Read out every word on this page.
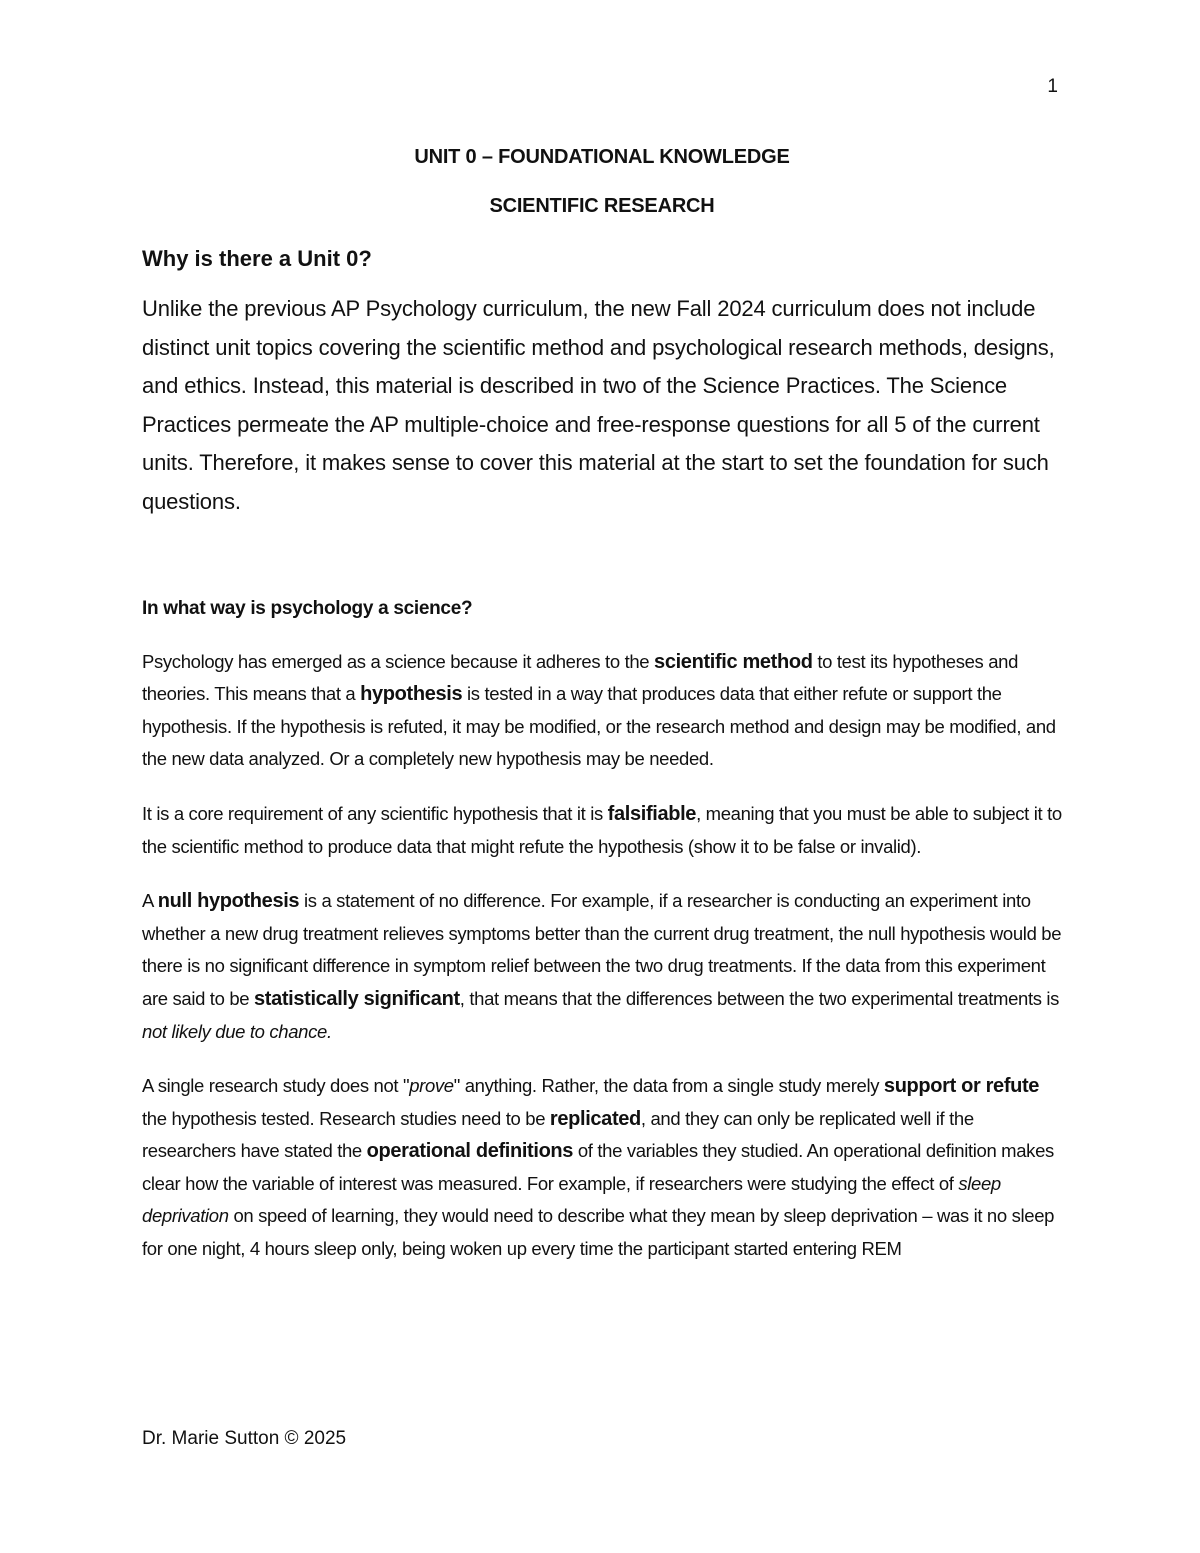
1
UNIT 0 – FOUNDATIONAL KNOWLEDGE
SCIENTIFIC RESEARCH
Why is there a Unit 0?

Unlike the previous AP Psychology curriculum, the new Fall 2024 curriculum does not include distinct unit topics covering the scientific method and psychological research methods, designs, and ethics. Instead, this material is described in two of the Science Practices. The Science Practices permeate the AP multiple-choice and free-response questions for all 5 of the current units. Therefore, it makes sense to cover this material at the start to set the foundation for such questions.

In what way is psychology a science?

Psychology has emerged as a science because it adheres to the scientific method to test its hypotheses and theories. This means that a hypothesis is tested in a way that produces data that either refute or support the hypothesis. If the hypothesis is refuted, it may be modified, or the research method and design may be modified, and the new data analyzed. Or a completely new hypothesis may be needed.

It is a core requirement of any scientific hypothesis that it is falsifiable, meaning that you must be able to subject it to the scientific method to produce data that might refute the hypothesis (show it to be false or invalid).

A null hypothesis is a statement of no difference. For example, if a researcher is conducting an experiment into whether a new drug treatment relieves symptoms better than the current drug treatment, the null hypothesis would be there is no significant difference in symptom relief between the two drug treatments. If the data from this experiment are said to be statistically significant, that means that the differences between the two experimental treatments is not likely due to chance.

A single research study does not "prove" anything. Rather, the data from a single study merely support or refute the hypothesis tested. Research studies need to be replicated, and they can only be replicated well if the researchers have stated the operational definitions of the variables they studied. An operational definition makes clear how the variable of interest was measured. For example, if researchers were studying the effect of sleep deprivation on speed of learning, they would need to describe what they mean by sleep deprivation – was it no sleep for one night, 4 hours sleep only, being woken up every time the participant started entering REM

Dr. Marie Sutton © 2025
